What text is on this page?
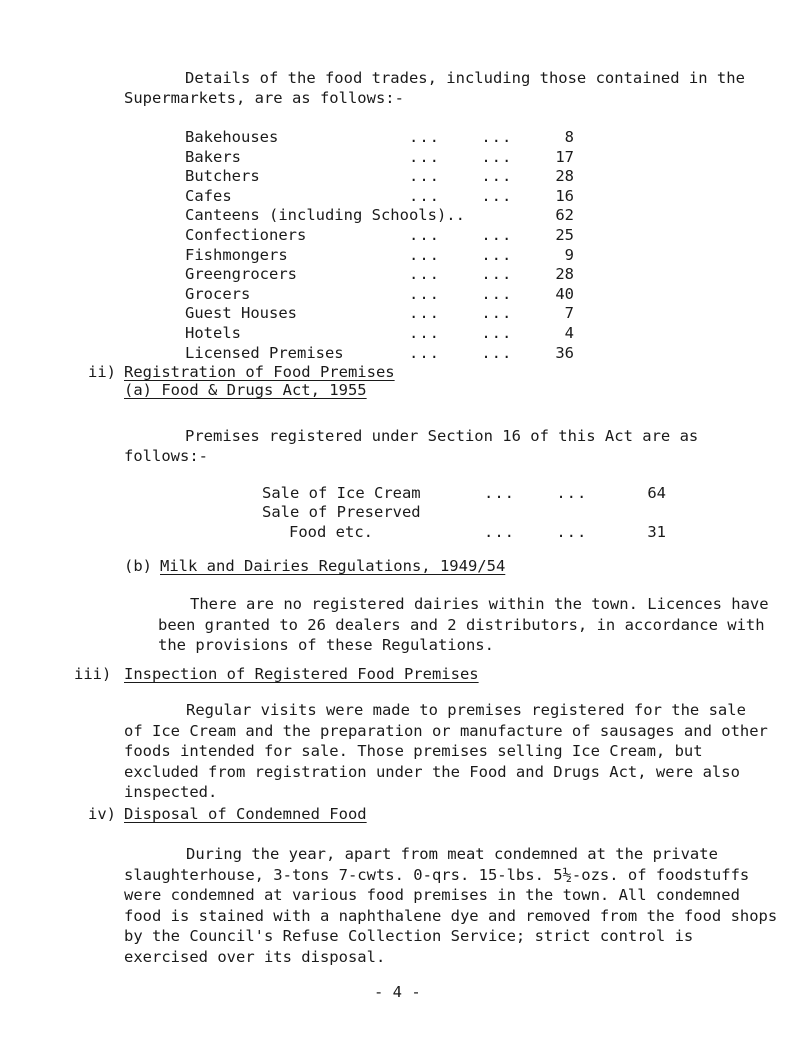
Details of the food trades, including those contained in the
Supermarkets, are as follows:-
Bakehouses	...    ...	8
Bakers	...    ...	17
Butchers	...    ...	28
Cafes	...    ...	16
Canteens (including Schools)..	62
Confectioners	...    ...	25
Fishmongers	...    ...	9
Greengrocers	...    ...	28
Grocers	...    ...	40
Guest Houses	...    ...	7
Hotels	...    ...	4
Licensed Premises	...    ...	36
ii) Registration of Food Premises
(a) Food & Drugs Act, 1955
Premises registered under Section 16 of this Act are as
follows:-
Sale of Ice Cream	...    ...	64
Sale of Preserved
Food etc.	...    ...	31
(b) Milk and Dairies Regulations, 1949/54
There are no registered dairies within the town. Licences have been granted to 26 dealers and 2 distributors, in accordance with the provisions of these Regulations.
iii) Inspection of Registered Food Premises
Regular visits were made to premises registered for the sale of Ice Cream and the preparation or manufacture of sausages and other foods intended for sale. Those premises selling Ice Cream, but excluded from registration under the Food and Drugs Act, were also inspected.
iv) Disposal of Condemned Food
During the year, apart from meat condemned at the private slaughterhouse, 3-tons 7-cwts. 0-qrs. 15-lbs. 5½-ozs. of foodstuffs were condemned at various food premises in the town. All condemned food is stained with a naphthalene dye and removed from the food shops by the Council's Refuse Collection Service; strict control is exercised over its disposal.
- 4 -
